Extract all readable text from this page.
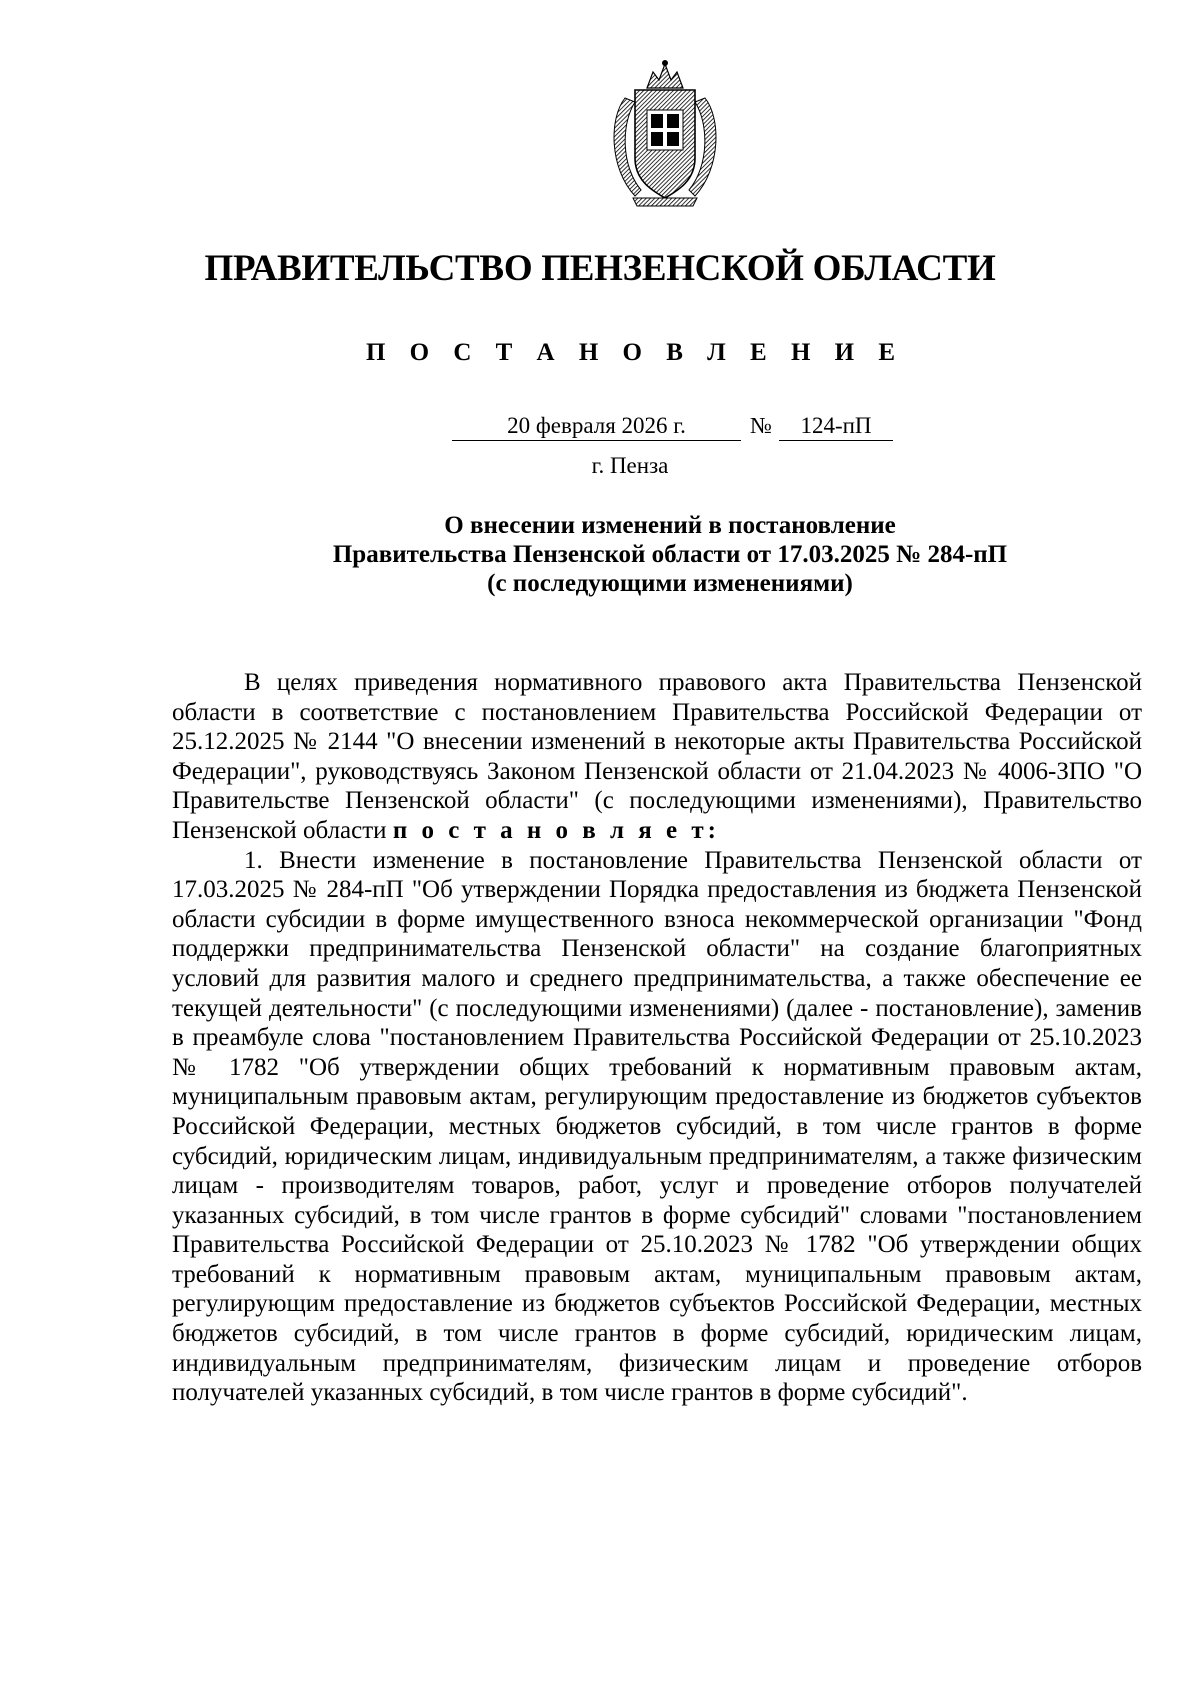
ПРАВИТЕЛЬСТВО ПЕНЗЕНСКОЙ ОБЛАСТИ
П О С Т А Н О В Л Е Н И Е
20 февраля 2026 г.	№	124-пП
г. Пенза
О внесении изменений в постановление
Правительства Пензенской области от 17.03.2025 № 284-пП
(с последующими изменениями)

В целях приведения нормативного правового акта Правительства Пензенской области в соответствие с постановлением Правительства Российской Федерации от 25.12.2025 № 2144 "О внесении изменений в некоторые акты Правительства Российской Федерации", руководствуясь Законом Пензенской области от 21.04.2023 № 4006-ЗПО "О Правительстве Пензенской области" (с последующими изменениями), Правительство Пензенской области п о с т а н о в л я е т:

1. Внести изменение в постановление Правительства Пензенской области от 17.03.2025 № 284-пП "Об утверждении Порядка предоставления из бюджета Пензенской области субсидии в форме имущественного взноса некоммерческой организации "Фонд поддержки предпринимательства Пензенской области" на создание благоприятных условий для развития малого и среднего предпринимательства, а также обеспечение ее текущей деятельности" (с последующими изменениями) (далее - постановление), заменив в преамбуле слова "постановлением Правительства Российской Федерации от 25.10.2023 № 1782 "Об утверждении общих требований к нормативным правовым актам, муниципальным правовым актам, регулирующим предоставление из бюджетов субъектов Российской Федерации, местных бюджетов субсидий, в том числе грантов в форме субсидий, юридическим лицам, индивидуальным предпринимателям, а также физическим лицам - производителям товаров, работ, услуг и проведение отборов получателей указанных субсидий, в том числе грантов в форме субсидий" словами "постановлением Правительства Российской Федерации от 25.10.2023 № 1782 "Об утверждении общих требований к нормативным правовым актам, муниципальным правовым актам, регулирующим предоставление из бюджетов субъектов Российской Федерации, местных бюджетов субсидий, в том числе грантов в форме субсидий, юридическим лицам, индивидуальным предпринимателям, физическим лицам и проведение отборов получателей указанных субсидий, в том числе грантов в форме субсидий".
